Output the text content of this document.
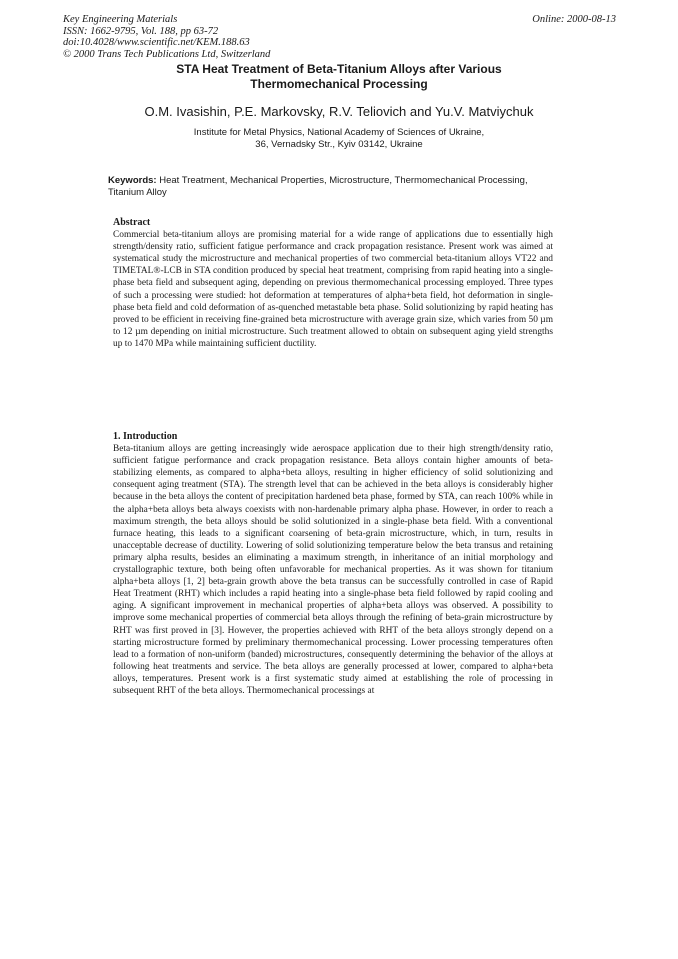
Key Engineering Materials
ISSN: 1662-9795, Vol. 188, pp 63-72
doi:10.4028/www.scientific.net/KEM.188.63
© 2000 Trans Tech Publications Ltd, Switzerland
Online: 2000-08-13
STA Heat Treatment of Beta-Titanium Alloys after Various
Thermomechanical Processing
O.M. Ivasishin, P.E. Markovsky, R.V. Teliovich and Yu.V. Matviychuk
Institute for Metal Physics, National Academy of Sciences of Ukraine,
36, Vernadsky Str., Kyiv 03142, Ukraine
Keywords: Heat Treatment, Mechanical Properties, Microstructure, Thermomechanical Processing, Titanium Alloy
Abstract

Commercial beta-titanium alloys are promising material for a wide range of applications due to essentially high strength/density ratio, sufficient fatigue performance and crack propagation resistance. Present work was aimed at systematical study the microstructure and mechanical properties of two commercial beta-titanium alloys VT22 and TIMETAL®-LCB in STA condition produced by special heat treatment, comprising from rapid heating into a single-phase beta field and subsequent aging, depending on previous thermomechanical processing employed. Three types of such a processing were studied: hot deformation at temperatures of alpha+beta field, hot deformation in single-phase beta field and cold deformation of as-quenched metastable beta phase. Solid solutionizing by rapid heating has proved to be efficient in receiving fine-grained beta microstructure with average grain size, which varies from 50 µm to 12 µm depending on initial microstructure. Such treatment allowed to obtain on subsequent aging yield strengths up to 1470 MPa while maintaining sufficient ductility.

1. Introduction

Beta-titanium alloys are getting increasingly wide aerospace application due to their high strength/density ratio, sufficient fatigue performance and crack propagation resistance. Beta alloys contain higher amounts of beta-stabilizing elements, as compared to alpha+beta alloys, resulting in higher efficiency of solid solutionizing and consequent aging treatment (STA). The strength level that can be achieved in the beta alloys is considerably higher because in the beta alloys the content of precipitation hardened beta phase, formed by STA, can reach 100% while in the alpha+beta alloys beta always coexists with non-hardenable primary alpha phase. However, in order to reach a maximum strength, the beta alloys should be solid solutionized in a single-phase beta field. With a conventional furnace heating, this leads to a significant coarsening of beta-grain microstructure, which, in turn, results in unacceptable decrease of ductility. Lowering of solid solutionizing temperature below the beta transus and retaining primary alpha results, besides an eliminating a maximum strength, in inheritance of an initial morphology and crystallographic texture, both being often unfavorable for mechanical properties. As it was shown for titanium alpha+beta alloys [1, 2] beta-grain growth above the beta transus can be successfully controlled in case of Rapid Heat Treatment (RHT) which includes a rapid heating into a single-phase beta field followed by rapid cooling and aging. A significant improvement in mechanical properties of alpha+beta alloys was observed. A possibility to improve some mechanical properties of commercial beta alloys through the refining of beta-grain microstructure by RHT was first proved in [3]. However, the properties achieved with RHT of the beta alloys strongly depend on a starting microstructure formed by preliminary thermomechanical processing. Lower processing temperatures often lead to a formation of non-uniform (banded) microstructures, consequently determining the behavior of the alloys at following heat treatments and service. The beta alloys are generally processed at lower, compared to alpha+beta alloys, temperatures. Present work is a first systematic study aimed at establishing the role of processing in subsequent RHT of the beta alloys. Thermomechanical processings at
